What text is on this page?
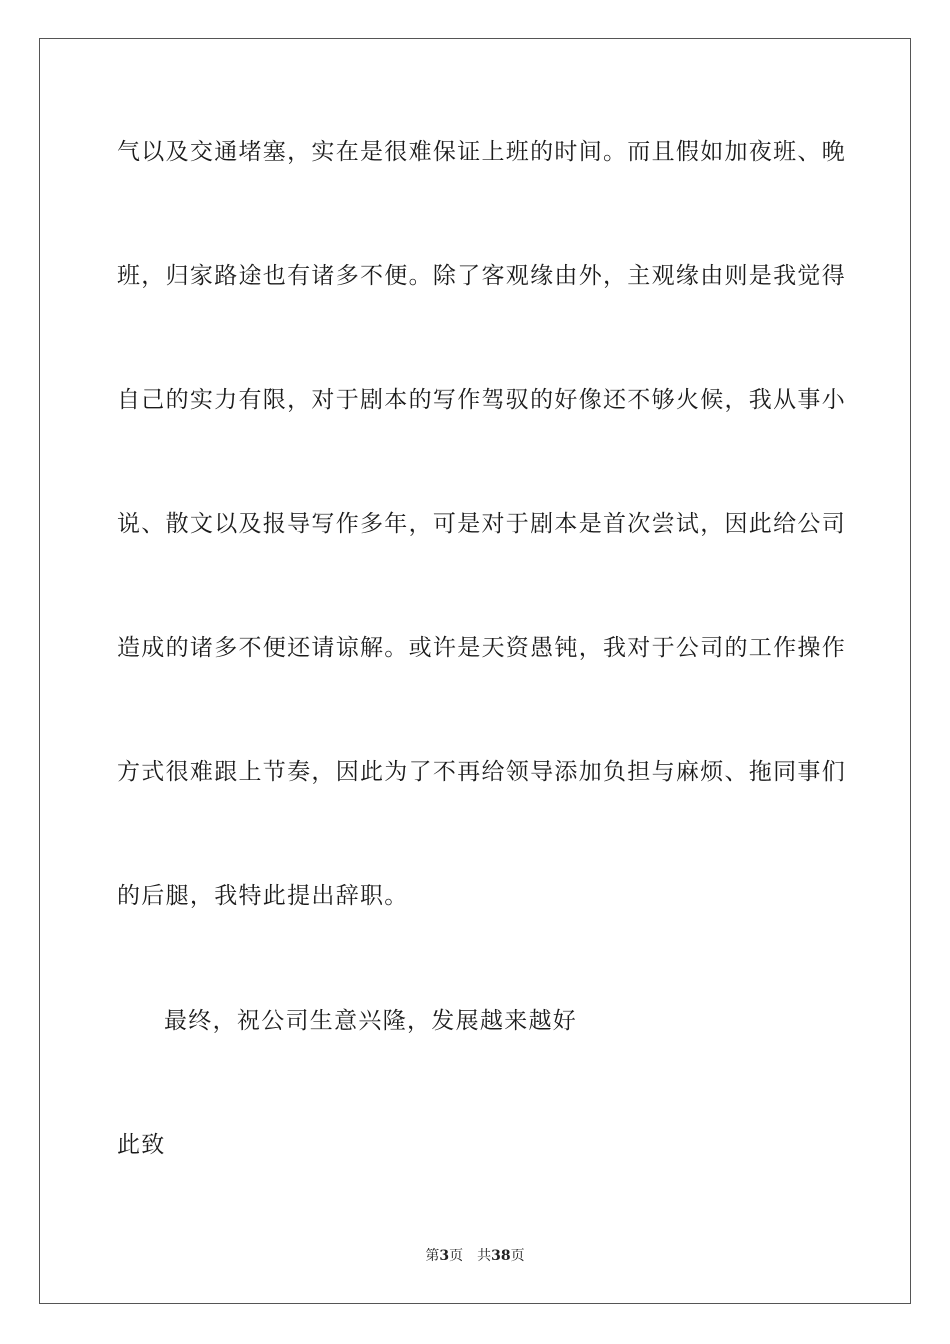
气以及交通堵塞，实在是很难保证上班的时间。而且假如加夜班、晚
班，归家路途也有诸多不便。除了客观缘由外，主观缘由则是我觉得
自己的实力有限，对于剧本的写作驾驭的好像还不够火候，我从事小
说、散文以及报导写作多年，可是对于剧本是首次尝试，因此给公司
造成的诸多不便还请谅解。或许是天资愚钝，我对于公司的工作操作
方式很难跟上节奏，因此为了不再给领导添加负担与麻烦、拖同事们
的后腿，我特此提出辞职。
最终，祝公司生意兴隆，发展越来越好
此致
第3页 共38页
